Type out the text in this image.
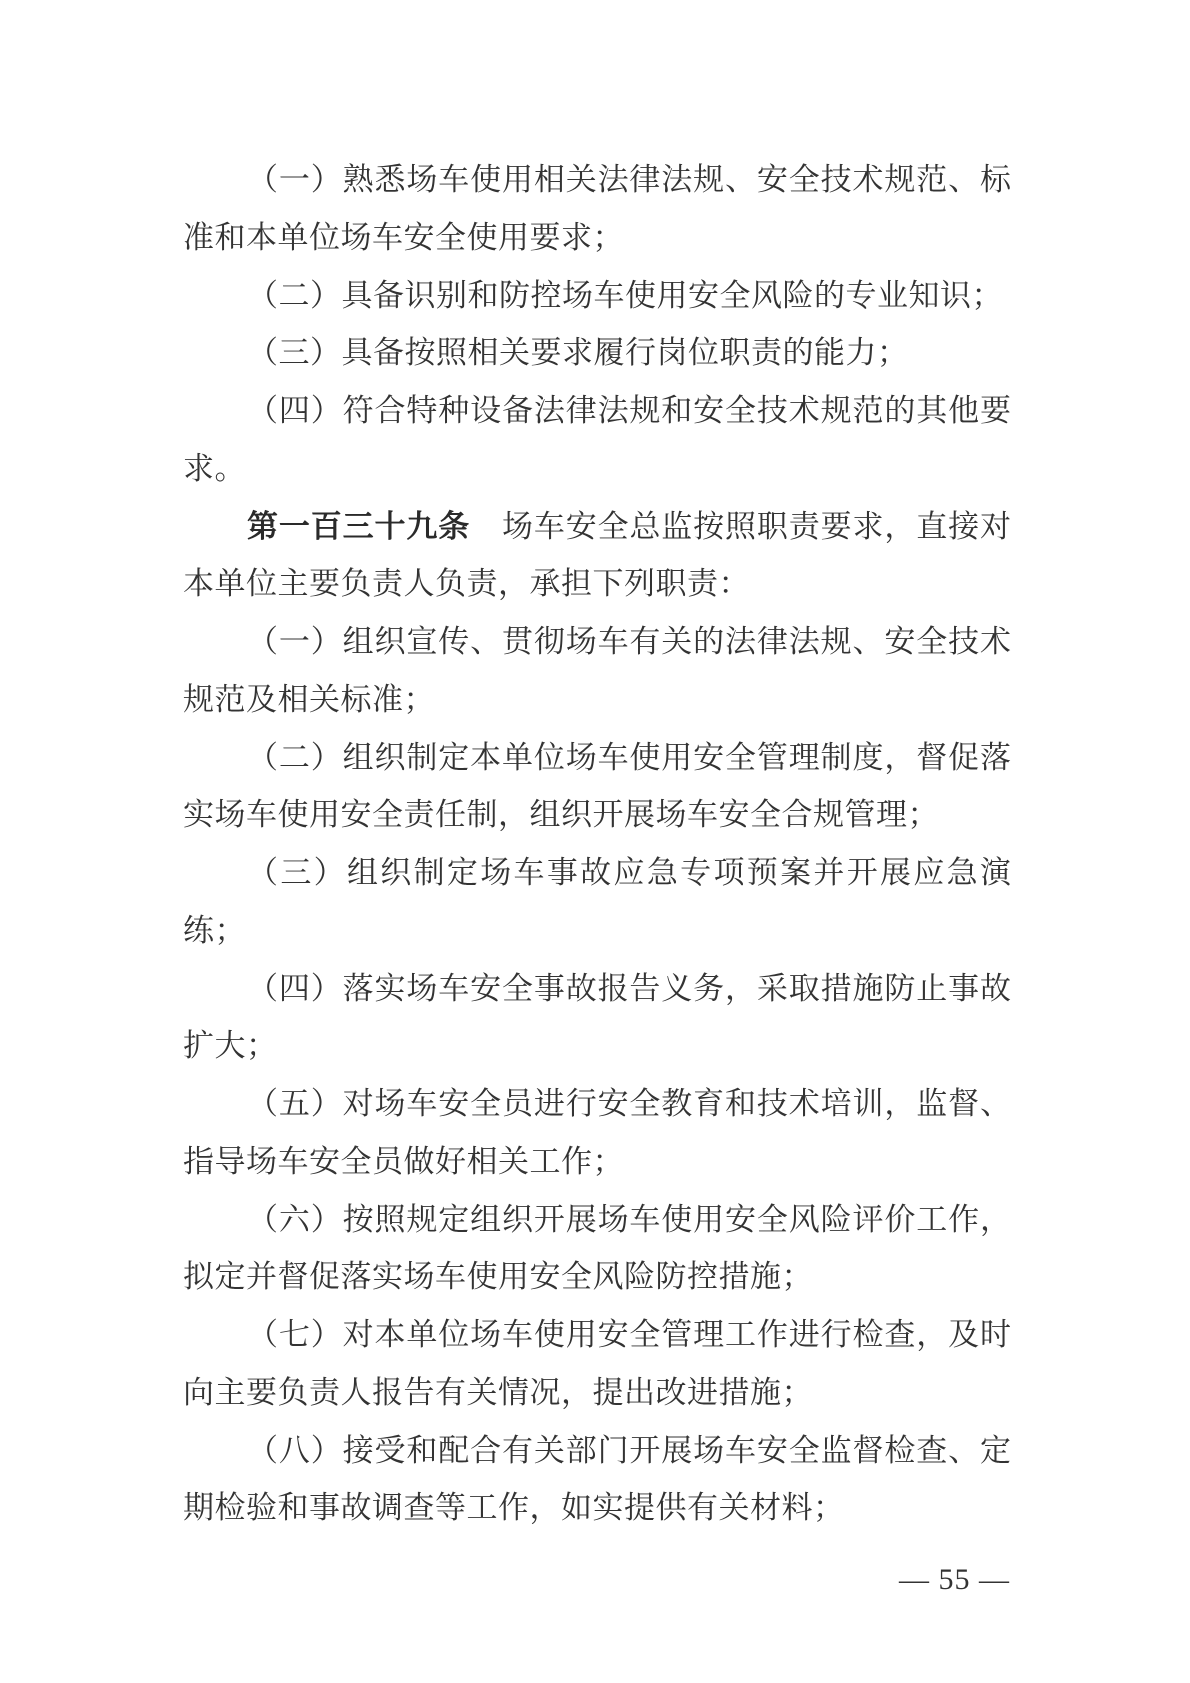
（一）熟悉场车使用相关法律法规、安全技术规范、标
准和本单位场车安全使用要求；
（二）具备识别和防控场车使用安全风险的专业知识；
（三）具备按照相关要求履行岗位职责的能力；
（四）符合特种设备法律法规和安全技术规范的其他要
求。
第一百三十九条　场车安全总监按照职责要求，直接对
本单位主要负责人负责，承担下列职责：
（一）组织宣传、贯彻场车有关的法律法规、安全技术
规范及相关标准；
（二）组织制定本单位场车使用安全管理制度，督促落
实场车使用安全责任制，组织开展场车安全合规管理；
（三）组织制定场车事故应急专项预案并开展应急演
练；
（四）落实场车安全事故报告义务，采取措施防止事故
扩大；
（五）对场车安全员进行安全教育和技术培训，监督、
指导场车安全员做好相关工作；
（六）按照规定组织开展场车使用安全风险评价工作，
拟定并督促落实场车使用安全风险防控措施；
（七）对本单位场车使用安全管理工作进行检查，及时
向主要负责人报告有关情况，提出改进措施；
（八）接受和配合有关部门开展场车安全监督检查、定
期检验和事故调查等工作，如实提供有关材料；
— 55 —
